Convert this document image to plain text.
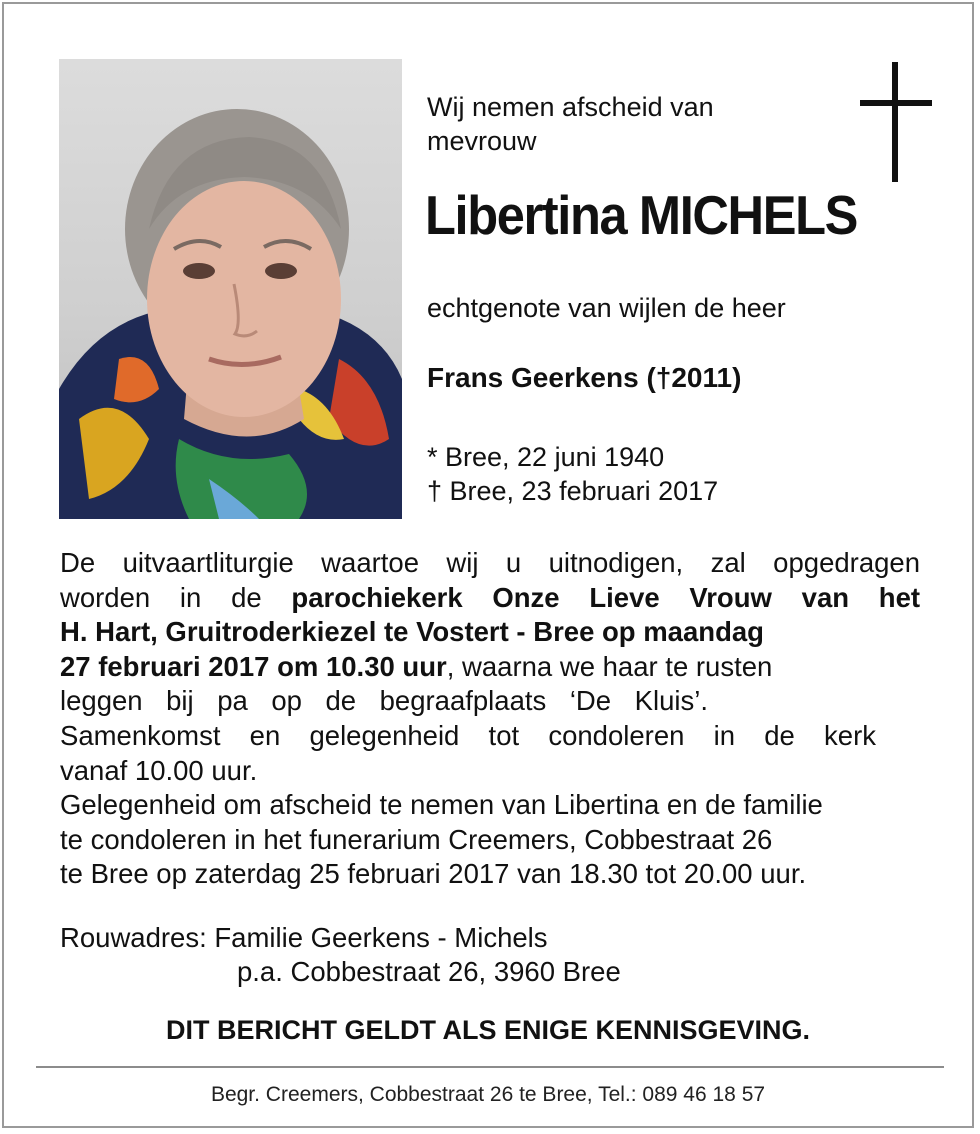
Wij nemen afscheid van
mevrouw
Libertina MICHELS
echtgenote van wijlen de heer
Frans Geerkens (†2011)
* Bree, 22 juni 1940
† Bree, 23 februari 2017
De uitvaartliturgie waartoe wij u uitnodigen, zal opgedragen
worden in de parochiekerk Onze Lieve Vrouw van het
H. Hart, Gruitroderkiezel te Vostert - Bree op maandag
27 februari 2017 om 10.30 uur, waarna we haar te rusten
leggen bij pa op de begraafplaats ‘De Kluis’.
Samenkomst en gelegenheid tot condoleren in de kerk
vanaf 10.00 uur.
Gelegenheid om afscheid te nemen van Libertina en de familie
te condoleren in het funerarium Creemers, Cobbestraat 26
te Bree op zaterdag 25 februari 2017 van 18.30 tot 20.00 uur.
Rouwadres: Familie Geerkens - Michels
p.a. Cobbestraat 26, 3960 Bree
DIT BERICHT GELDT ALS ENIGE KENNISGEVING.
Begr. Creemers, Cobbestraat 26 te Bree, Tel.: 089 46 18 57
